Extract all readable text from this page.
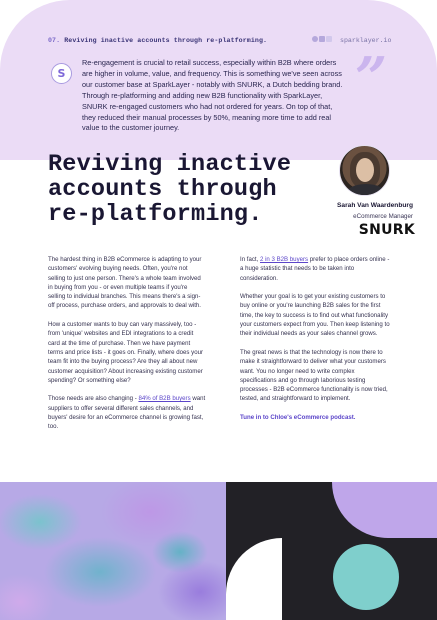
07. Reviving inactive accounts through re-platforming.	sparklayer.io
S
Re-engagement is crucial to retail success, especially within B2B where orders are higher in volume, value, and frequency. This is something we've seen across our customer base at SparkLayer - notably with SNURK, a Dutch bedding brand. Through re-platforming and adding new B2B functionality with SparkLayer, SNURK re-engaged customers who had not ordered for years. On top of that, they reduced their manual processes by 50%, meaning more time to add real value to the customer journey.
”
Reviving inactive
accounts through
re-platforming.	Sarah Van Waardenburg
eCommerce Manager
SNURK

The hardest thing in B2B eCommerce is adapting to your customers' evolving buying needs. Often, you're not selling to just one person. There's a whole team involved in buying from you - or even multiple teams if you're selling to individual branches. This means there's a sign-off process, purchase orders, and approvals to deal with.

How a customer wants to buy can vary massively, too - from 'unique' websites and EDI integrations to a credit card at the time of purchase. Then we have payment terms and price lists - it goes on. Finally, where does your team fit into the buying process? Are they all about new customer acquisition? About increasing existing customer spending? Or something else?

Those needs are also changing - 84% of B2B buyers want suppliers to offer several different sales channels, and buyers' desire for an eCommerce channel is growing fast, too.

In fact, 2 in 3 B2B buyers prefer to place orders online - a huge statistic that needs to be taken into consideration.

Whether your goal is to get your existing customers to buy online or you're launching B2B sales for the first time, the key to success is to find out what functionality your customers expect from you. Then keep listening to their individual needs as your sales channel grows.

The great news is that the technology is now there to make it straightforward to deliver what your customers want. You no longer need to write complex specifications and go through laborious testing processes - B2B eCommerce functionality is now tried, tested, and straightforward to implement.

Tune in to Chloe's eCommerce podcast.
